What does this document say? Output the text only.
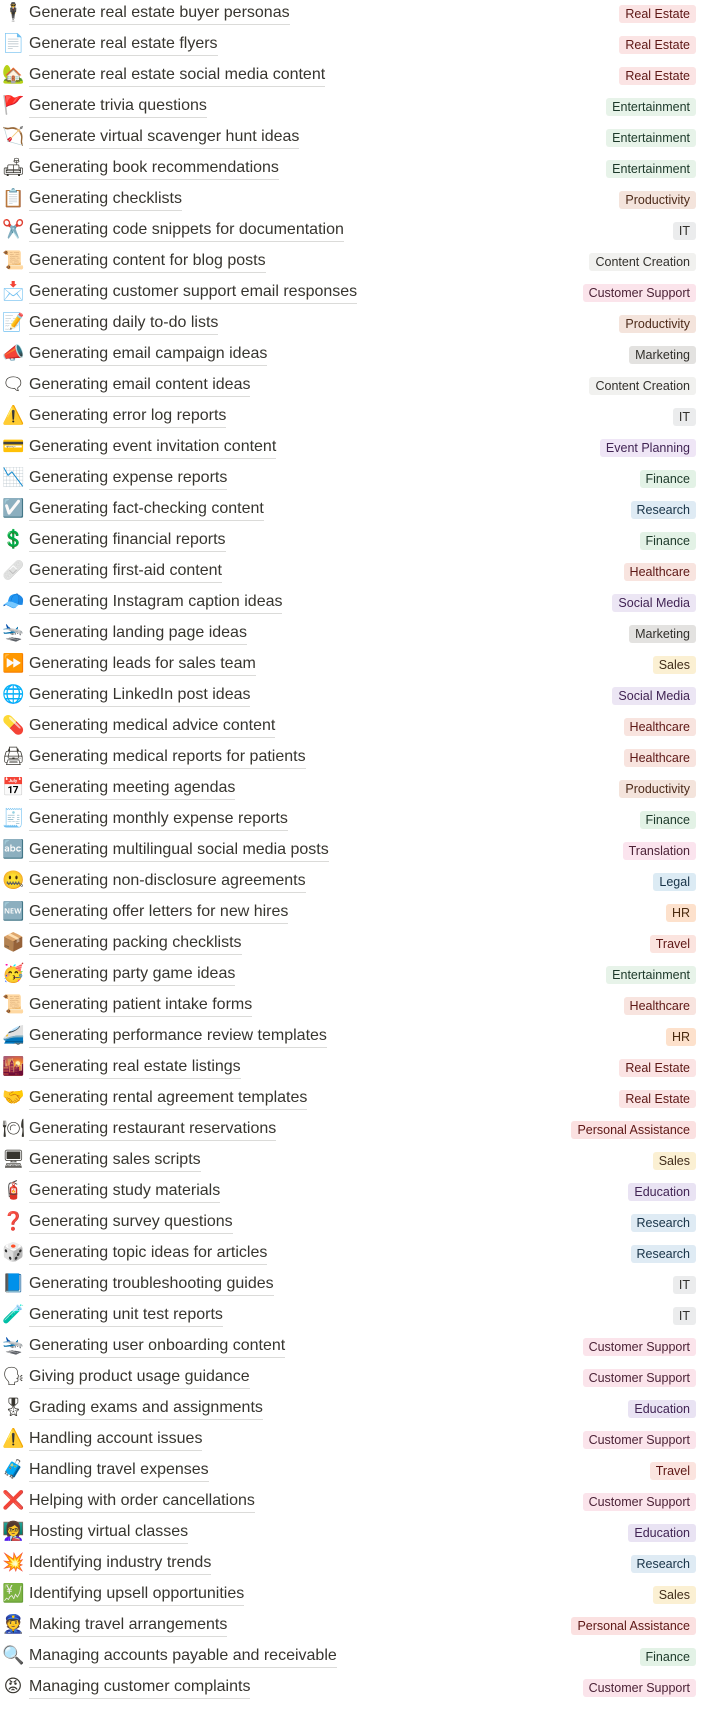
🕴 Generate real estate buyer personas	Real Estate
📄 Generate real estate flyers	Real Estate
🏡 Generate real estate social media content	Real Estate
🚩 Generate trivia questions	Entertainment
🏹 Generate virtual scavenger hunt ideas	Entertainment
🛋 Generating book recommendations	Entertainment
📋 Generating checklists	Productivity
✂️ Generating code snippets for documentation	IT
📜 Generating content for blog posts	Content Creation
📩 Generating customer support email responses	Customer Support
📝 Generating daily to-do lists	Productivity
📣 Generating email campaign ideas	Marketing
🗨 Generating email content ideas	Content Creation
⚠️ Generating error log reports	IT
💳 Generating event invitation content	Event Planning
📉 Generating expense reports	Finance
☑️ Generating fact-checking content	Research
💲 Generating financial reports	Finance
🩹 Generating first-aid content	Healthcare
🧢 Generating Instagram caption ideas	Social Media
🛬 Generating landing page ideas	Marketing
⏩ Generating leads for sales team	Sales
🌐 Generating LinkedIn post ideas	Social Media
💊 Generating medical advice content	Healthcare
🖨 Generating medical reports for patients	Healthcare
📅 Generating meeting agendas	Productivity
🧾 Generating monthly expense reports	Finance
🔤 Generating multilingual social media posts	Translation
🤐 Generating non-disclosure agreements	Legal
🆕 Generating offer letters for new hires	HR
📦 Generating packing checklists	Travel
🥳 Generating party game ideas	Entertainment
📜 Generating patient intake forms	Healthcare
🚄 Generating performance review templates	HR
🌇 Generating real estate listings	Real Estate
🤝 Generating rental agreement templates	Real Estate
🍽 Generating restaurant reservations	Personal Assistance
🖥 Generating sales scripts	Sales
🧯 Generating study materials	Education
❓ Generating survey questions	Research
🎲 Generating topic ideas for articles	Research
📘 Generating troubleshooting guides	IT
🧪 Generating unit test reports	IT
🛬 Generating user onboarding content	Customer Support
🗣 Giving product usage guidance	Customer Support
🎖 Grading exams and assignments	Education
⚠️ Handling account issues	Customer Support
🧳 Handling travel expenses	Travel
❌ Helping with order cancellations	Customer Support
👩‍🏫 Hosting virtual classes	Education
💥 Identifying industry trends	Research
💹 Identifying upsell opportunities	Sales
👮 Making travel arrangements	Personal Assistance
🔍 Managing accounts payable and receivable	Finance
😡 Managing customer complaints	Customer Support
